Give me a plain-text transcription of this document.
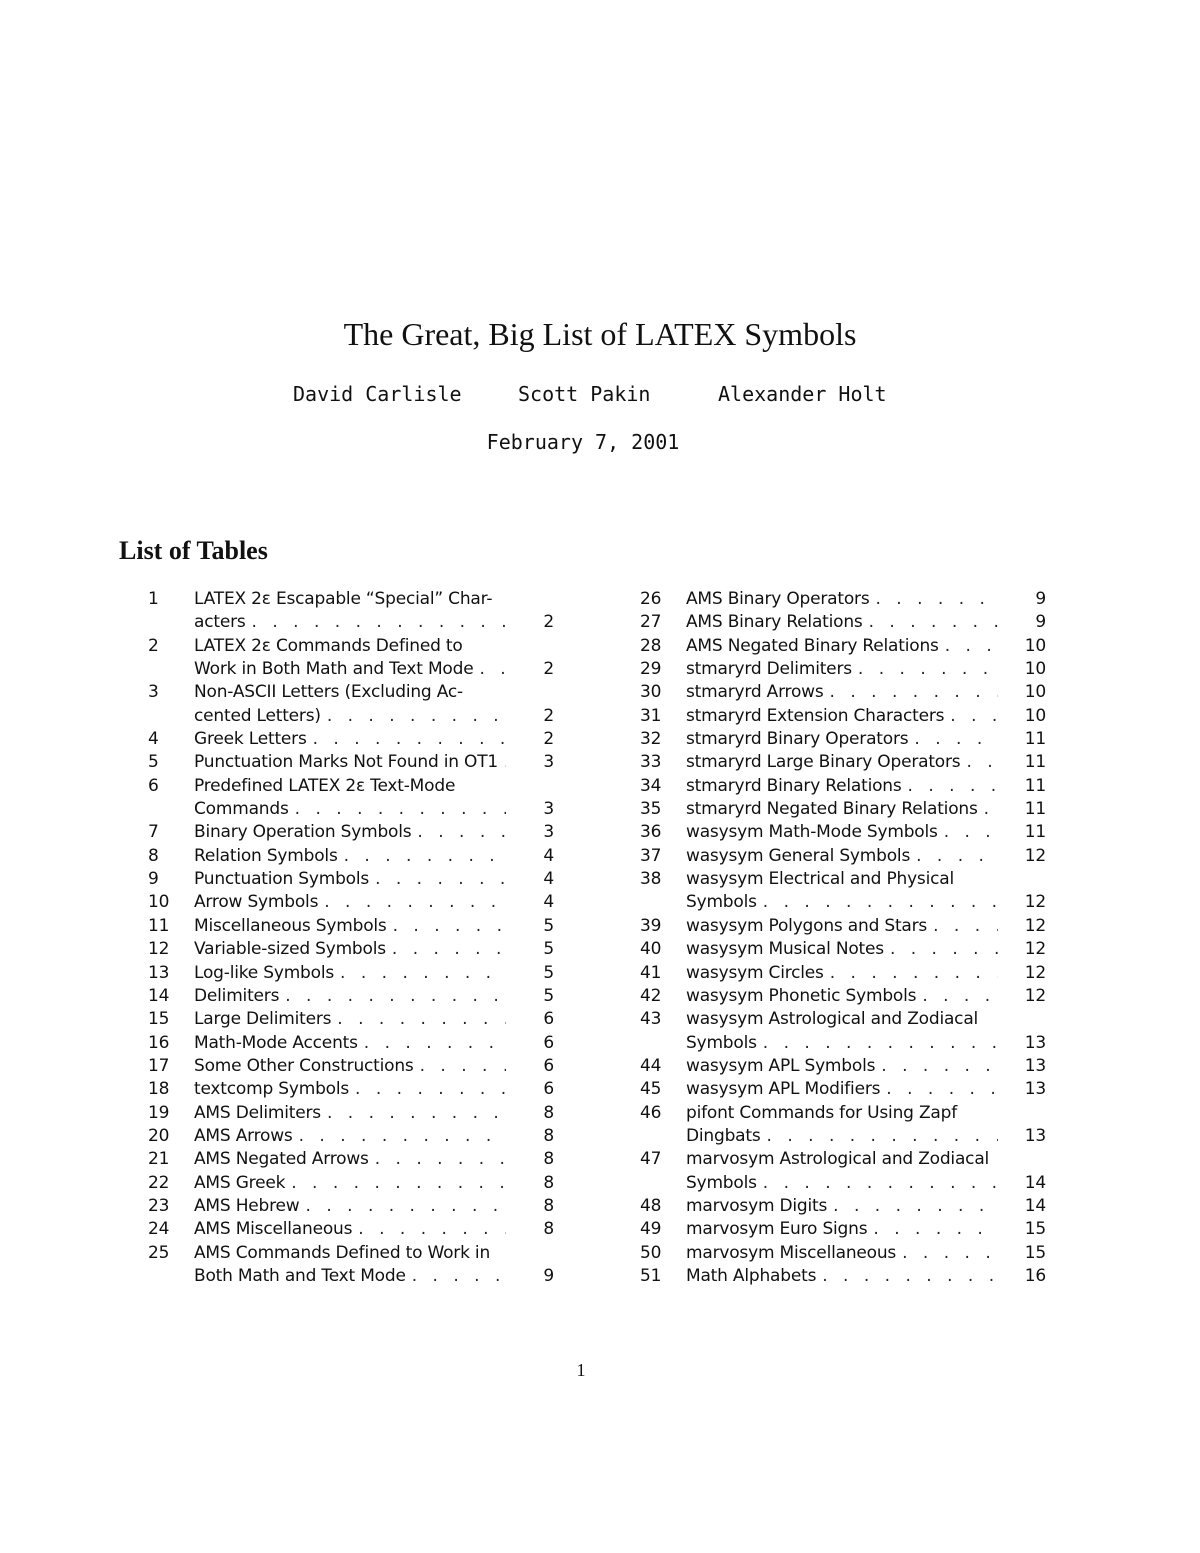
The Great, Big List of LATEX Symbols
David Carlisle	Scott Pakin	Alexander Holt
February 7, 2001
List of Tables
1 LATEX 2ε Escapable “Special” Char-
acters . . .	2
2 LATEX 2ε Commands Defined to
Work in Both Math and Text Mode . . .	2
3 Non-ASCII Letters (Excluding Ac-
cented Letters) . . .	2
4 Greek Letters . . .	2
5 Punctuation Marks Not Found in OT1 . . .	3
6 Predefined LATEX 2ε Text-Mode
Commands . . .	3
7 Binary Operation Symbols . . .	3
8 Relation Symbols . . .	4
9 Punctuation Symbols . . .	4
10 Arrow Symbols . . .	4
11 Miscellaneous Symbols . . .	5
12 Variable-sized Symbols . . .	5
13 Log-like Symbols . . .	5
14 Delimiters . . .	5
15 Large Delimiters . . .	6
16 Math-Mode Accents . . .	6
17 Some Other Constructions . . .	6
18 textcomp Symbols . . .	6
19 AMS Delimiters . . .	8
20 AMS Arrows . . .	8
21 AMS Negated Arrows . . .	8
22 AMS Greek . . .	8
23 AMS Hebrew . . .	8
24 AMS Miscellaneous . . .	8
25 AMS Commands Defined to Work in
Both Math and Text Mode . . .	9
26 AMS Binary Operators . . .	9
27 AMS Binary Relations . . .	9
28 AMS Negated Binary Relations . . .	10
29 stmaryrd Delimiters . . .	10
30 stmaryrd Arrows . . .	10
31 stmaryrd Extension Characters . . .	10
32 stmaryrd Binary Operators . . .	11
33 stmaryrd Large Binary Operators . . .	11
34 stmaryrd Binary Relations . . .	11
35 stmaryrd Negated Binary Relations . . .	11
36 wasysym Math-Mode Symbols . . .	11
37 wasysym General Symbols . . .	12
38 wasysym Electrical and Physical
Symbols . . .	12
39 wasysym Polygons and Stars . . .	12
40 wasysym Musical Notes . . .	12
41 wasysym Circles . . .	12
42 wasysym Phonetic Symbols . . .	12
43 wasysym Astrological and Zodiacal
Symbols . . .	13
44 wasysym APL Symbols . . .	13
45 wasysym APL Modifiers . . .	13
46 pifont Commands for Using Zapf
Dingbats . . .	13
47 marvosym Astrological and Zodiacal
Symbols . . .	14
48 marvosym Digits . . .	14
49 marvosym Euro Signs . . .	15
50 marvosym Miscellaneous . . .	15
51 Math Alphabets . . .	16
1
